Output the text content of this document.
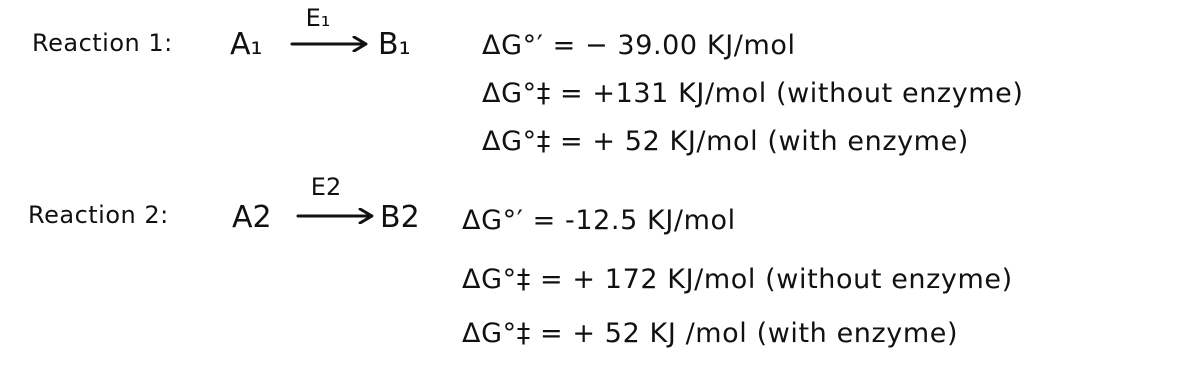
Reaction 1: A₁
E₁
B₁	ΔG°′ = − 39.00 KJ/mol
ΔG°‡ = +131 KJ/mol (without enzyme)
ΔG°‡ = + 52 KJ/mol (with enzyme)
Reaction 2: A2
E2
B2 ΔG°′ = -12.5 KJ/mol
ΔG°‡ = + 172 KJ/mol (without enzyme)
ΔG°‡ = + 52 KJ /mol (with enzyme)
